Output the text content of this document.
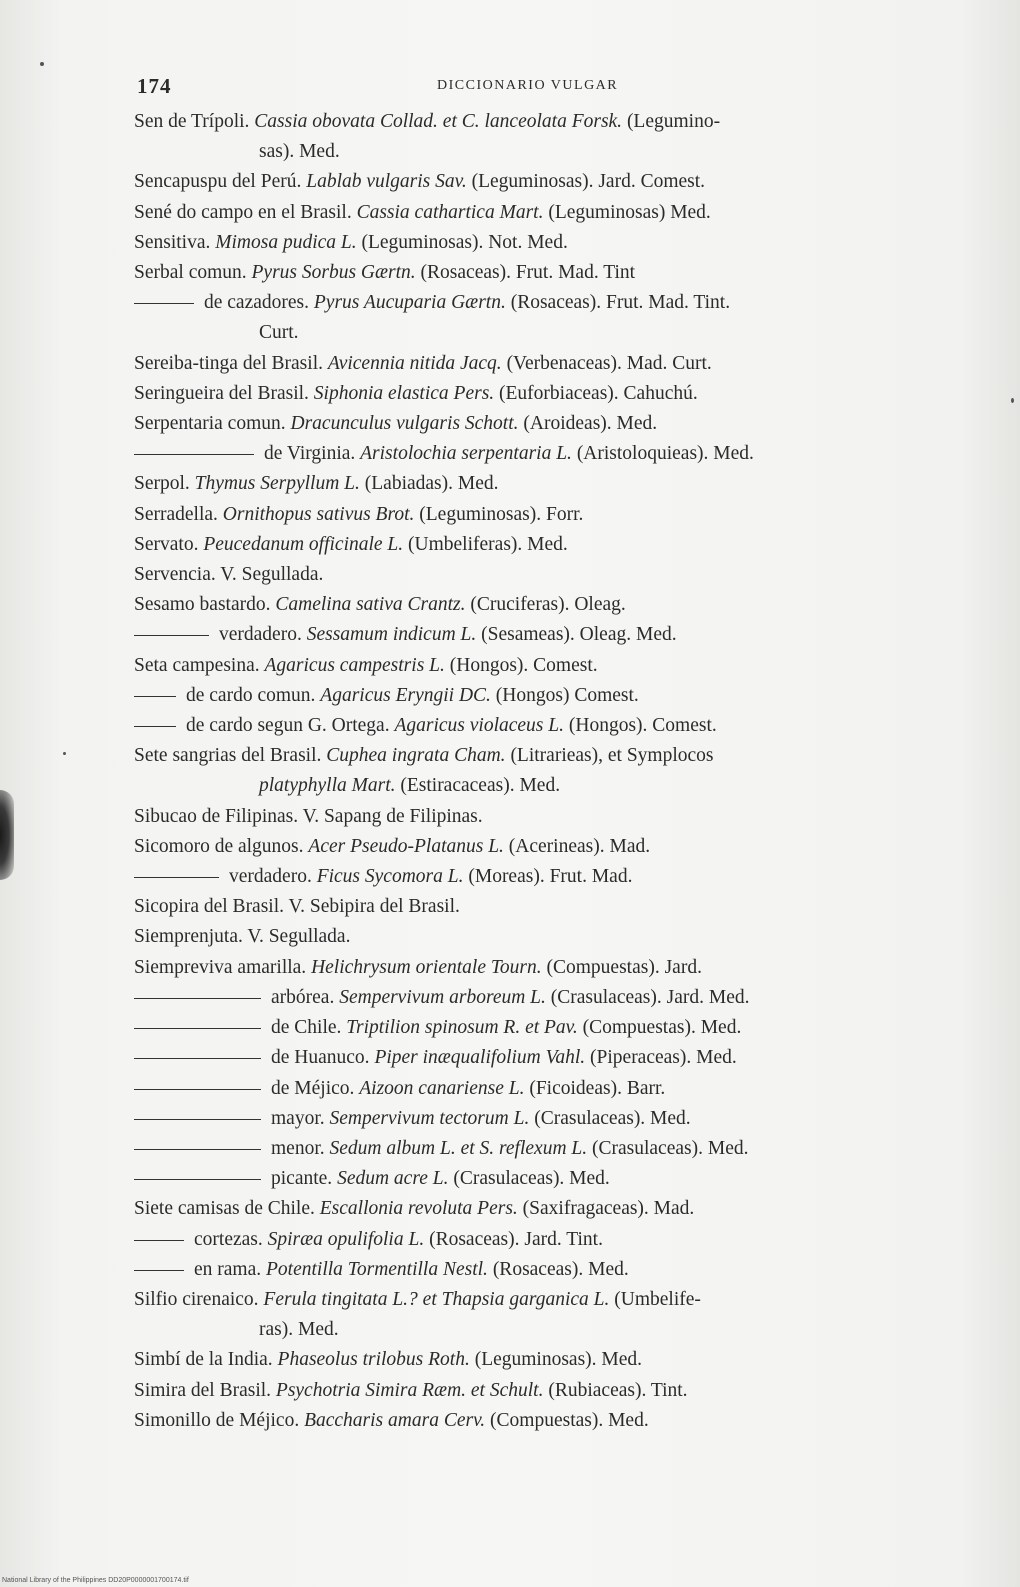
174	DICCIONARIO VULGAR
Sen de Trípoli. Cassia obovata Collad. et C. lanceolata Forsk. (Legumino-
sas). Med.
Sencapuspu del Perú. Lablab vulgaris Sav. (Leguminosas). Jard. Comest.
Sené do campo en el Brasil. Cassia cathartica Mart. (Leguminosas) Med.
Sensitiva. Mimosa pudica L. (Leguminosas). Not. Med.
Serbal comun. Pyrus Sorbus Gærtn. (Rosaceas). Frut. Mad. Tint
de cazadores. Pyrus Aucuparia Gærtn. (Rosaceas). Frut. Mad. Tint.
Curt.
Sereiba-tinga del Brasil. Avicennia nitida Jacq. (Verbenaceas). Mad. Curt.
Seringueira del Brasil. Siphonia elastica Pers. (Euforbiaceas). Cahuchú.
Serpentaria comun. Dracunculus vulgaris Schott. (Aroideas). Med.
de Virginia. Aristolochia serpentaria L. (Aristoloquieas). Med.
Serpol. Thymus Serpyllum L. (Labiadas). Med.
Serradella. Ornithopus sativus Brot. (Leguminosas). Forr.
Servato. Peucedanum officinale L. (Umbeliferas). Med.
Servencia. V. Segullada.
Sesamo bastardo. Camelina sativa Crantz. (Cruciferas). Oleag.
verdadero. Sessamum indicum L. (Sesameas). Oleag. Med.
Seta campesina. Agaricus campestris L. (Hongos). Comest.
de cardo comun. Agaricus Eryngii DC. (Hongos) Comest.
de cardo segun G. Ortega. Agaricus violaceus L. (Hongos). Comest.
Sete sangrias del Brasil. Cuphea ingrata Cham. (Litrarieas), et Symplocos
platyphylla Mart. (Estiracaceas). Med.
Sibucao de Filipinas. V. Sapang de Filipinas.
Sicomoro de algunos. Acer Pseudo-Platanus L. (Acerineas). Mad.
verdadero. Ficus Sycomora L. (Moreas). Frut. Mad.
Sicopira del Brasil. V. Sebipira del Brasil.
Siemprenjuta. V. Segullada.
Siempreviva amarilla. Helichrysum orientale Tourn. (Compuestas). Jard.
arbórea. Sempervivum arboreum L. (Crasulaceas). Jard. Med.
de Chile. Triptilion spinosum R. et Pav. (Compuestas). Med.
de Huanuco. Piper inæqualifolium Vahl. (Piperaceas). Med.
de Méjico. Aizoon canariense L. (Ficoideas). Barr.
mayor. Sempervivum tectorum L. (Crasulaceas). Med.
menor. Sedum album L. et S. reflexum L. (Crasulaceas). Med.
picante. Sedum acre L. (Crasulaceas). Med.
Siete camisas de Chile. Escallonia revoluta Pers. (Saxifragaceas). Mad.
cortezas. Spiræa opulifolia L. (Rosaceas). Jard. Tint.
en rama. Potentilla Tormentilla Nestl. (Rosaceas). Med.
Silfio cirenaico. Ferula tingitata L.? et Thapsia garganica L. (Umbelife-
ras). Med.
Simbí de la India. Phaseolus trilobus Roth. (Leguminosas). Med.
Simira del Brasil. Psychotria Simira Ræm. et Schult. (Rubiaceas). Tint.
Simonillo de Méjico. Baccharis amara Cerv. (Compuestas). Med.
National Library of the Philippines DD20P0000001700174.tif
